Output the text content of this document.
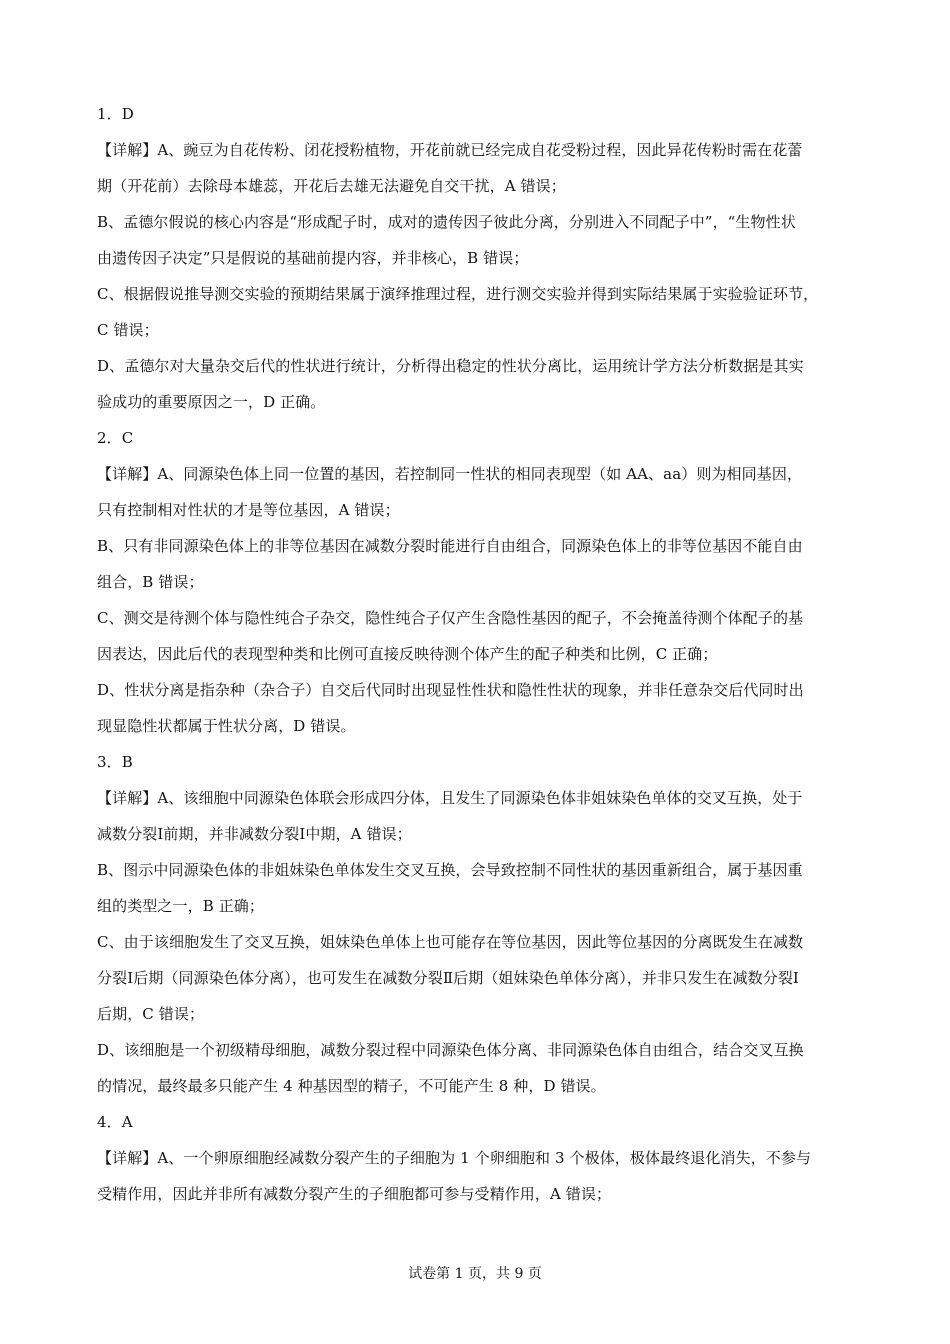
1．D
【详解】A、豌豆为自花传粉、闭花授粉植物，开花前就已经完成自花受粉过程，因此异花传粉时需在花蕾
期（开花前）去除母本雄蕊，开花后去雄无法避免自交干扰，A 错误；
B、孟德尔假说的核心内容是“形成配子时，成对的遗传因子彼此分离，分别进入不同配子中”，“生物性状
由遗传因子决定”只是假说的基础前提内容，并非核心，B 错误；
C、根据假说推导测交实验的预期结果属于演绎推理过程，进行测交实验并得到实际结果属于实验验证环节，
C 错误；
D、孟德尔对大量杂交后代的性状进行统计，分析得出稳定的性状分离比，运用统计学方法分析数据是其实
验成功的重要原因之一，D 正确。
2．C
【详解】A、同源染色体上同一位置的基因，若控制同一性状的相同表现型（如 AA、aa）则为相同基因，
只有控制相对性状的才是等位基因，A 错误；
B、只有非同源染色体上的非等位基因在减数分裂时能进行自由组合，同源染色体上的非等位基因不能自由
组合，B 错误；
C、测交是待测个体与隐性纯合子杂交，隐性纯合子仅产生含隐性基因的配子，不会掩盖待测个体配子的基
因表达，因此后代的表现型种类和比例可直接反映待测个体产生的配子种类和比例，C 正确；
D、性状分离是指杂种（杂合子）自交后代同时出现显性性状和隐性性状的现象，并非任意杂交后代同时出
现显隐性状都属于性状分离，D 错误。
3．B
【详解】A、该细胞中同源染色体联会形成四分体，且发生了同源染色体非姐妹染色单体的交叉互换，处于
减数分裂Ⅰ前期，并非减数分裂Ⅰ中期，A 错误；
B、图示中同源染色体的非姐妹染色单体发生交叉互换，会导致控制不同性状的基因重新组合，属于基因重
组的类型之一，B 正确；
C、由于该细胞发生了交叉互换，姐妹染色单体上也可能存在等位基因，因此等位基因的分离既发生在减数
分裂Ⅰ后期（同源染色体分离），也可发生在减数分裂Ⅱ后期（姐妹染色单体分离），并非只发生在减数分裂Ⅰ
后期，C 错误；
D、该细胞是一个初级精母细胞，减数分裂过程中同源染色体分离、非同源染色体自由组合，结合交叉互换
的情况，最终最多只能产生 4 种基因型的精子，不可能产生 8 种，D 错误。
4．A
【详解】A、一个卵原细胞经减数分裂产生的子细胞为 1 个卵细胞和 3 个极体，极体最终退化消失，不参与
受精作用，因此并非所有减数分裂产生的子细胞都可参与受精作用，A 错误；
试卷第 1 页，共 9 页
